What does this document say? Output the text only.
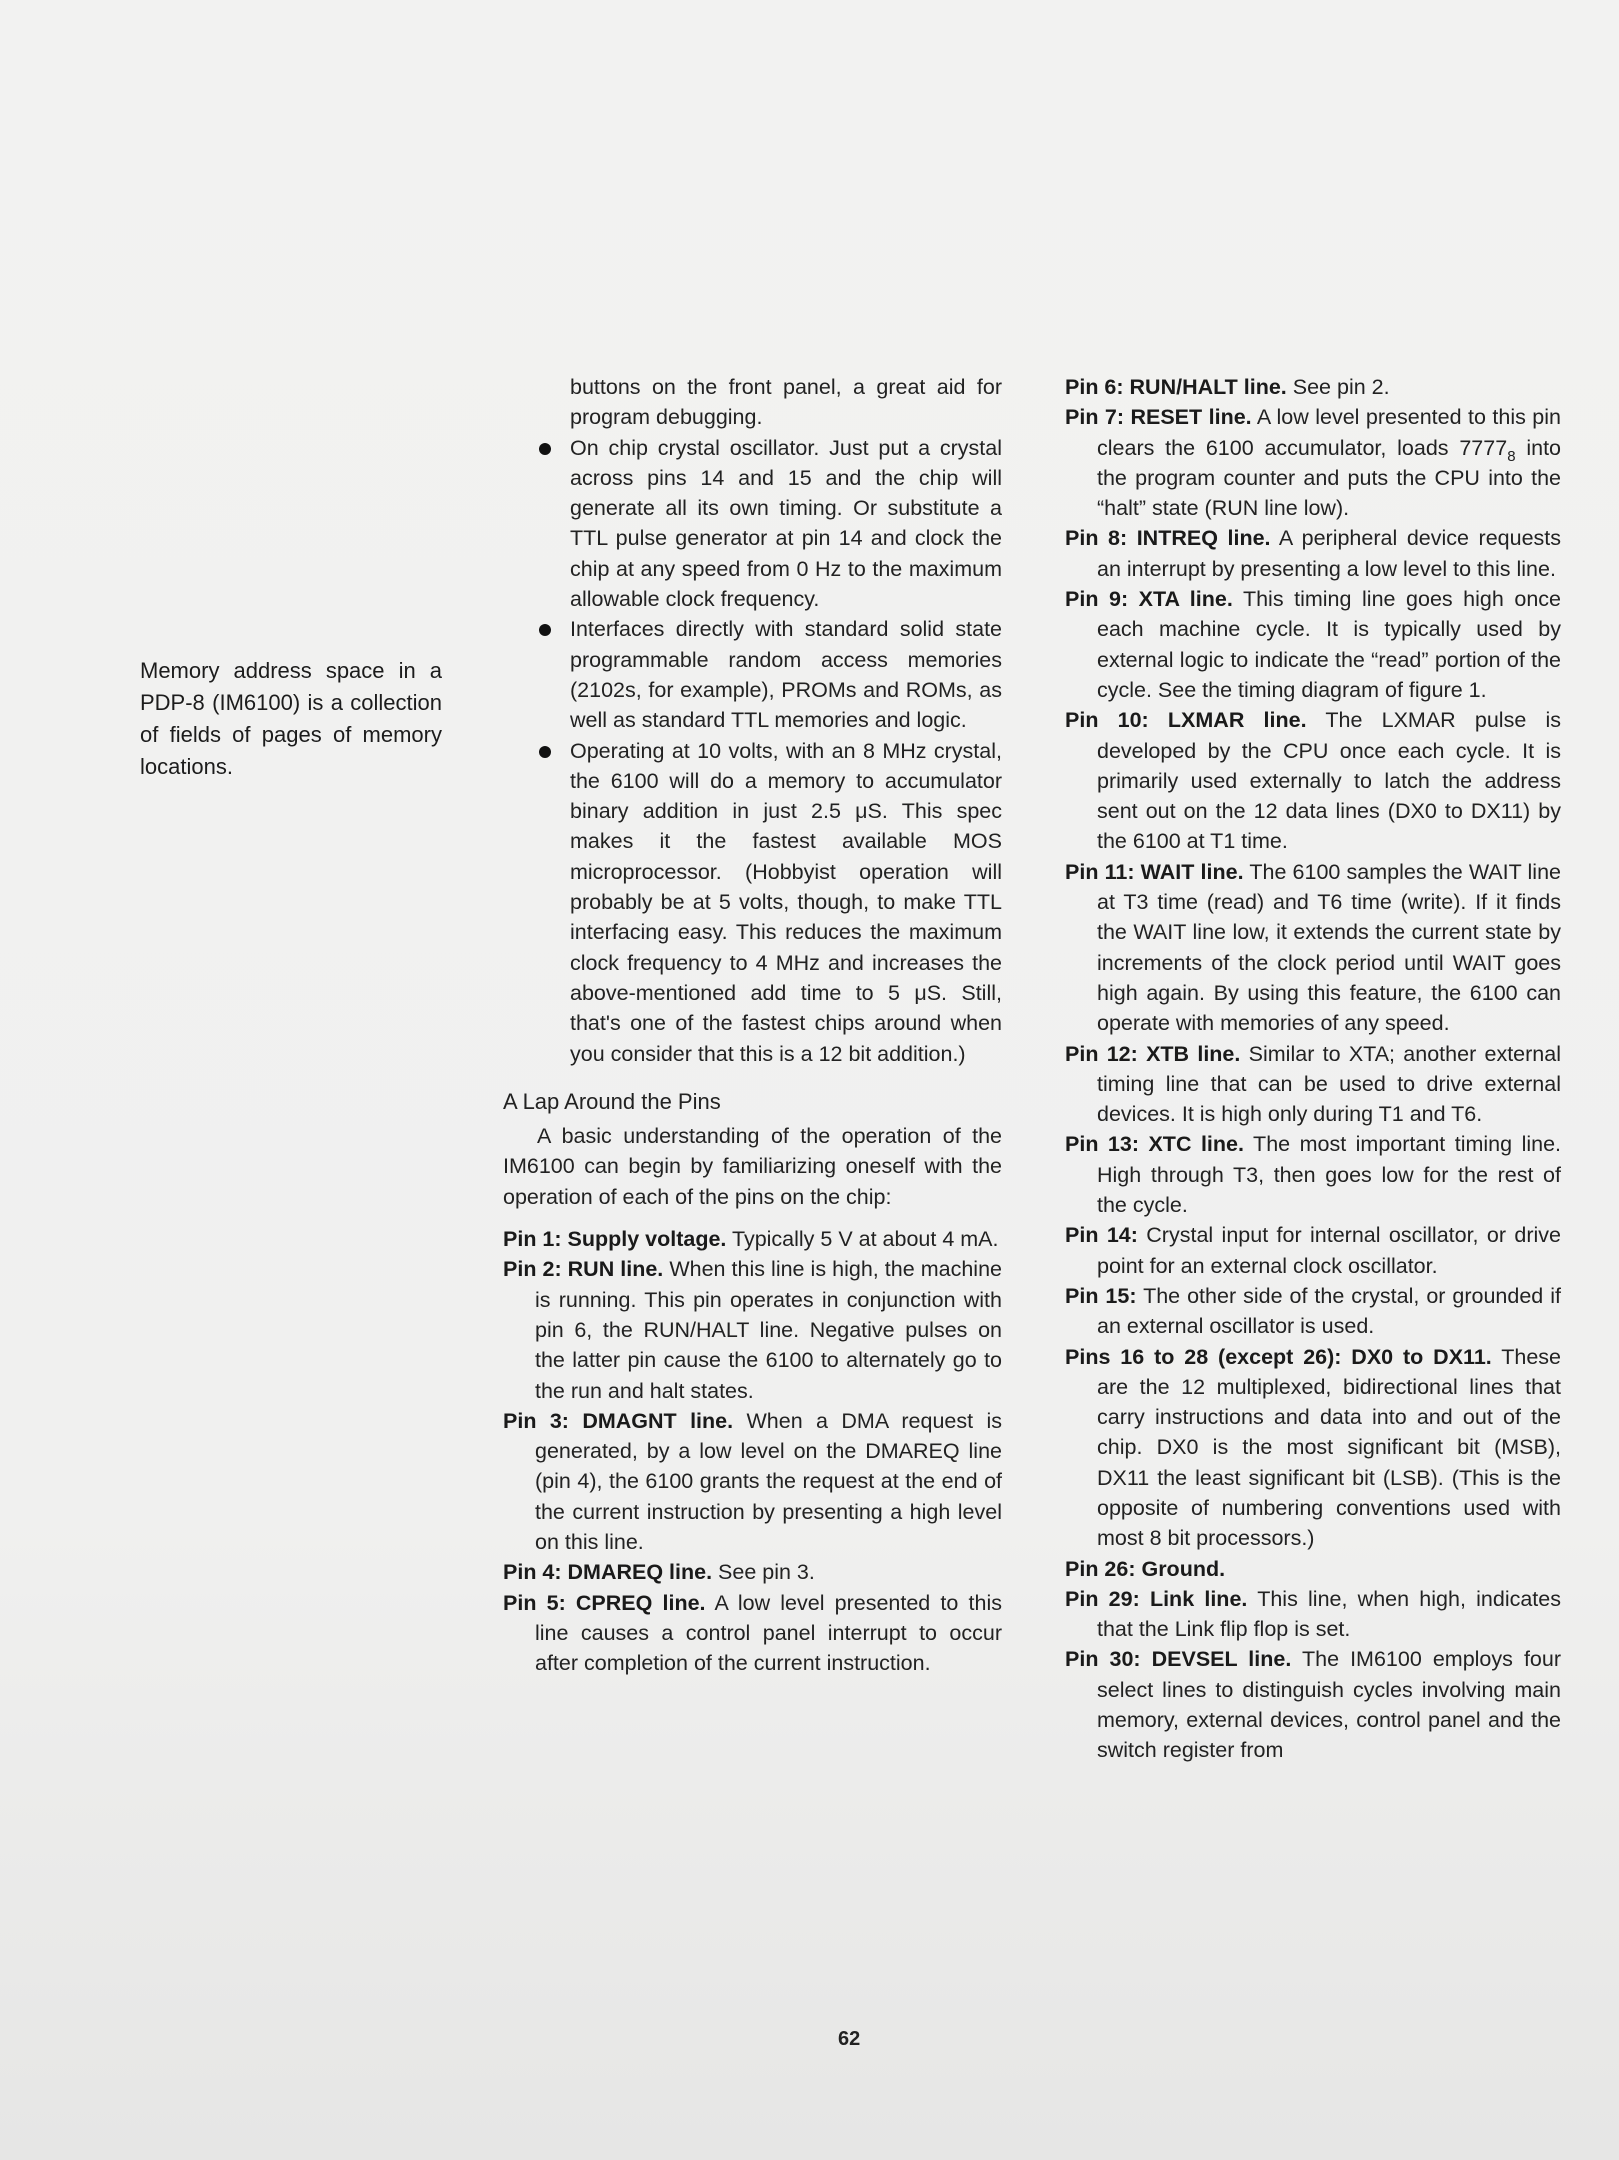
Memory address space in a PDP-8 (IM6100) is a collection of fields of pages of memory locations.

buttons on the front panel, a great aid for program debugging.

On chip crystal oscillator. Just put a crystal across pins 14 and 15 and the chip will generate all its own timing. Or substitute a TTL pulse generator at pin 14 and clock the chip at any speed from 0 Hz to the maximum allowable clock frequency.
Interfaces directly with standard solid state programmable random access memories (2102s, for example), PROMs and ROMs, as well as standard TTL memories and logic.
Operating at 10 volts, with an 8 MHz crystal, the 6100 will do a memory to accumulator binary addition in just 2.5 μS. This spec makes it the fastest available MOS microprocessor. (Hobbyist operation will probably be at 5 volts, though, to make TTL interfacing easy. This reduces the maximum clock frequency to 4 MHz and increases the above-mentioned add time to 5 μS. Still, that's one of the fastest chips around when you consider that this is a 12 bit addition.)
A Lap Around the Pins

A basic understanding of the operation of the IM6100 can begin by familiarizing oneself with the operation of each of the pins on the chip:

Pin 1: Supply voltage. Typically 5 V at about 4 mA.

Pin 2: RUN line. When this line is high, the machine is running. This pin operates in conjunction with pin 6, the RUN/HALT line. Negative pulses on the latter pin cause the 6100 to alternately go to the run and halt states.

Pin 3: DMAGNT line. When a DMA request is generated, by a low level on the DMAREQ line (pin 4), the 6100 grants the request at the end of the current instruction by presenting a high level on this line.

Pin 4: DMAREQ line. See pin 3.

Pin 5: CPREQ line. A low level presented to this line causes a control panel interrupt to occur after completion of the current instruction.

Pin 6: RUN/HALT line. See pin 2.

Pin 7: RESET line. A low level presented to this pin clears the 6100 accumulator, loads $7777_8$ into the program counter and puts the CPU into the “halt” state (RUN line low).

Pin 8: INTREQ line. A peripheral device requests an interrupt by presenting a low level to this line.

Pin 9: XTA line. This timing line goes high once each machine cycle. It is typically used by external logic to indicate the “read” portion of the cycle. See the timing diagram of figure 1.

Pin 10: LXMAR line. The LXMAR pulse is developed by the CPU once each cycle. It is primarily used externally to latch the address sent out on the 12 data lines (DX0 to DX11) by the 6100 at T1 time.

Pin 11: WAIT line. The 6100 samples the WAIT line at T3 time (read) and T6 time (write). If it finds the WAIT line low, it extends the current state by increments of the clock period until WAIT goes high again. By using this feature, the 6100 can operate with memories of any speed.

Pin 12: XTB line. Similar to XTA; another external timing line that can be used to drive external devices. It is high only during T1 and T6.

Pin 13: XTC line. The most important timing line. High through T3, then goes low for the rest of the cycle.

Pin 14: Crystal input for internal oscillator, or drive point for an external clock oscillator.

Pin 15: The other side of the crystal, or grounded if an external oscillator is used.

Pins 16 to 28 (except 26): DX0 to DX11. These are the 12 multiplexed, bidirectional lines that carry instructions and data into and out of the chip. DX0 is the most significant bit (MSB), DX11 the least significant bit (LSB). (This is the opposite of numbering conventions used with most 8 bit processors.)

Pin 26: Ground.

Pin 29: Link line. This line, when high, indicates that the Link flip flop is set.

Pin 30: DEVSEL line. The IM6100 employs four select lines to distinguish cycles involving main memory, external devices, control panel and the switch register from

62
